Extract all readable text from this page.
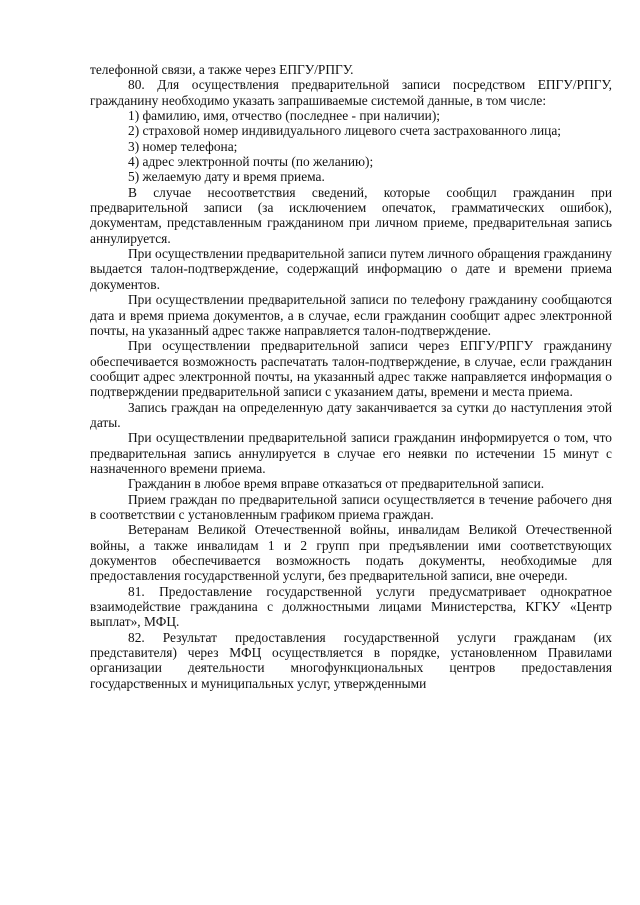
телефонной связи, а также через ЕПГУ/РПГУ.

80. Для осуществления предварительной записи посредством ЕПГУ/РПГУ, гражданину необходимо указать запрашиваемые системой данные, в том числе:

1) фамилию, имя, отчество (последнее - при наличии);

2) страховой номер индивидуального лицевого счета застрахованного лица;

3) номер телефона;

4) адрес электронной почты (по желанию);

5) желаемую дату и время приема.

В случае несоответствия сведений, которые сообщил гражданин при предварительной записи (за исключением опечаток, грамматических ошибок), документам, представленным гражданином при личном приеме, предварительная запись аннулируется.

При осуществлении предварительной записи путем личного обращения гражданину выдается талон-подтверждение, содержащий информацию о дате и времени приема документов.

При осуществлении предварительной записи по телефону гражданину сообщаются дата и время приема документов, а в случае, если гражданин сообщит адрес электронной почты, на указанный адрес также направляется талон-подтверждение.

При осуществлении предварительной записи через ЕПГУ/РПГУ гражданину обеспечивается возможность распечатать талон-подтверждение, в случае, если гражданин сообщит адрес электронной почты, на указанный адрес также направляется информация о подтверждении предварительной записи с указанием даты, времени и места приема.

Запись граждан на определенную дату заканчивается за сутки до наступления этой даты.

При осуществлении предварительной записи гражданин информируется о том, что предварительная запись аннулируется в случае его неявки по истечении 15 минут с назначенного времени приема.

Гражданин в любое время вправе отказаться от предварительной записи.

Прием граждан по предварительной записи осуществляется в течение рабочего дня в соответствии с установленным графиком приема граждан.

Ветеранам Великой Отечественной войны, инвалидам Великой Отечественной войны, а также инвалидам 1 и 2 групп при предъявлении ими соответствующих документов обеспечивается возможность подать документы, необходимые для предоставления государственной услуги, без предварительной записи, вне очереди.

81. Предоставление государственной услуги предусматривает однократное взаимодействие гражданина с должностными лицами Министерства, КГКУ «Центр выплат», МФЦ.

82. Результат предоставления государственной услуги гражданам (их представителя) через МФЦ осуществляется в порядке, установленном Правилами организации деятельности многофункциональных центров предоставления государственных и муниципальных услуг, утвержденными
